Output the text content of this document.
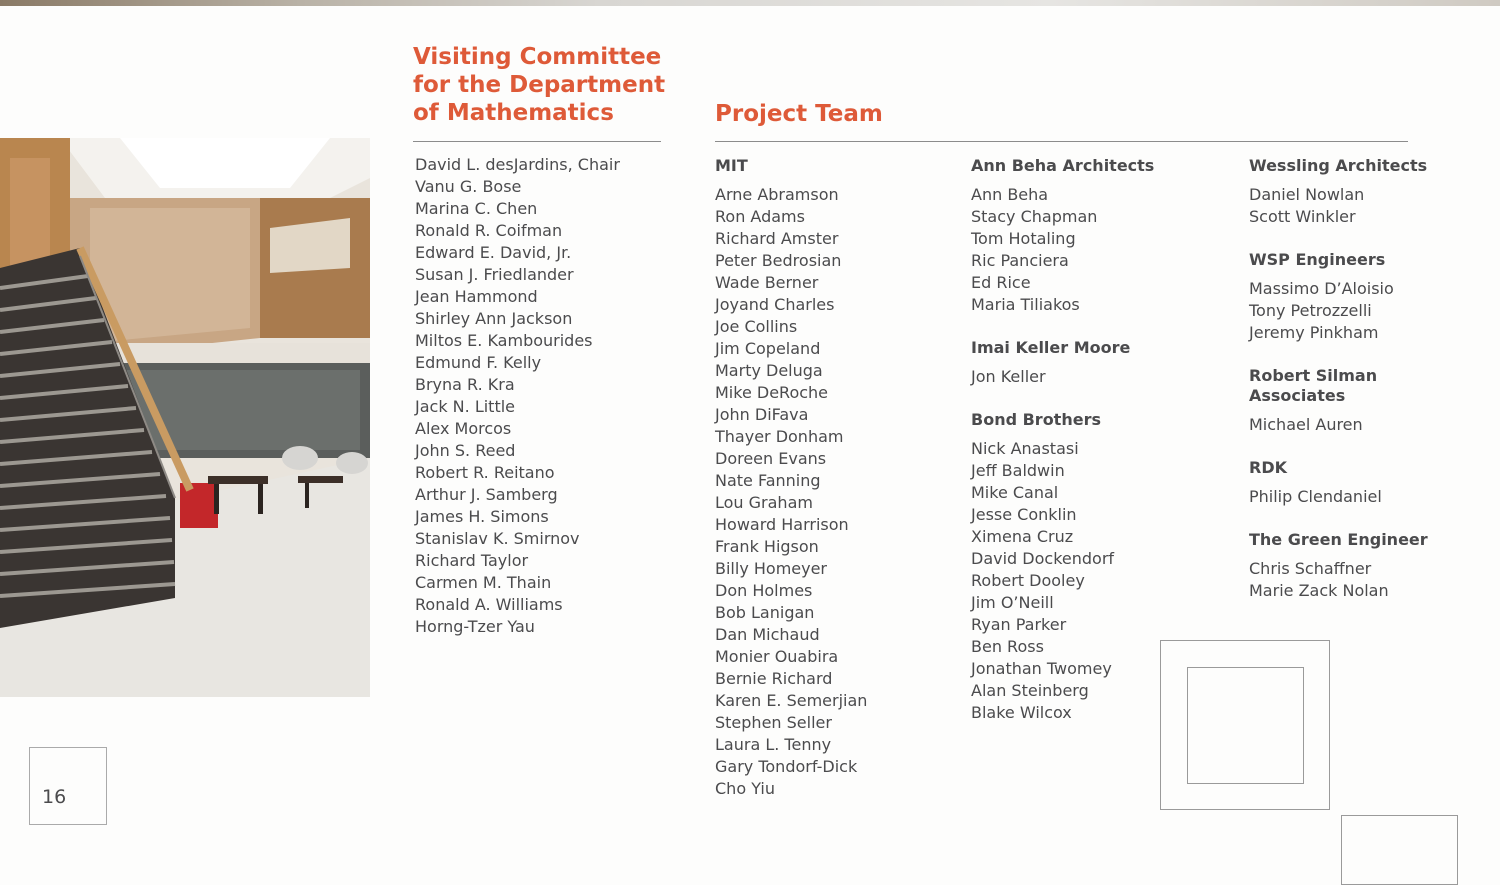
Visiting Committee
for the Department
of Mathematics
David L. desJardins, Chair
Vanu G. Bose
Marina C. Chen
Ronald R. Coifman
Edward E. David, Jr.
Susan J. Friedlander
Jean Hammond
Shirley Ann Jackson
Miltos E. Kambourides
Edmund F. Kelly
Bryna R. Kra
Jack N. Little
Alex Morcos
John S. Reed
Robert R. Reitano
Arthur J. Samberg
James H. Simons
Stanislav K. Smirnov
Richard Taylor
Carmen M. Thain
Ronald A. Williams
Horng-Tzer Yau
Project Team
MIT
Arne Abramson
Ron Adams
Richard Amster
Peter Bedrosian
Wade Berner
Joyand Charles
Joe Collins
Jim Copeland
Marty Deluga
Mike DeRoche
John DiFava
Thayer Donham
Doreen Evans
Nate Fanning
Lou Graham
Howard Harrison
Frank Higson
Billy Homeyer
Don Holmes
Bob Lanigan
Dan Michaud
Monier Ouabira
Bernie Richard
Karen E. Semerjian
Stephen Seller
Laura L. Tenny
Gary Tondorf-Dick
Cho Yiu
Ann Beha Architects
Ann Beha
Stacy Chapman
Tom Hotaling
Ric Panciera
Ed Rice
Maria Tiliakos
Imai Keller Moore
Jon Keller
Bond Brothers
Nick Anastasi
Jeff Baldwin
Mike Canal
Jesse Conklin
Ximena Cruz
David Dockendorf
Robert Dooley
Jim O’Neill
Ryan Parker
Ben Ross
Jonathan Twomey
Alan Steinberg
Blake Wilcox
Wessling Architects
Daniel Nowlan
Scott Winkler
WSP Engineers
Massimo D’Aloisio
Tony Petrozzelli
Jeremy Pinkham
Robert Silman Associates
Michael Auren
RDK
Philip Clendaniel
The Green Engineer
Chris Schaffner
Marie Zack Nolan
16
